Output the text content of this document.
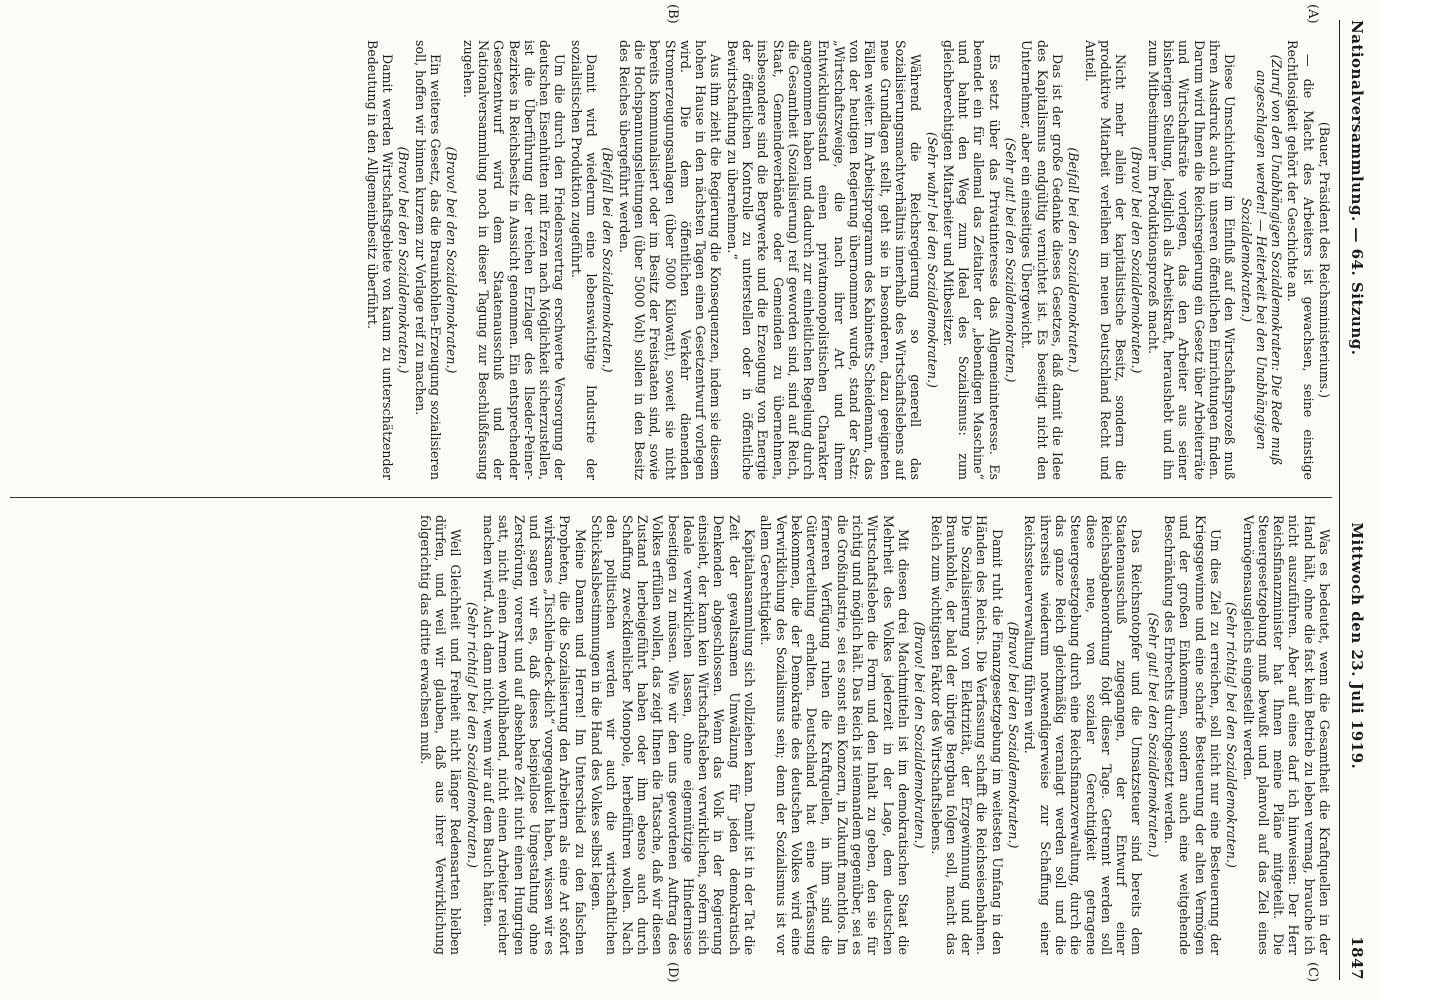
Nationalversammlung. — 64. Sitzung.
Mittwoch den 23. Juli 1919.
1847
(A)
(B)
(C)
(D)

(Bauer, Präsident des Reichsministeriums.)

— die Macht des Arbeiters ist gewachsen, seine einstige Rechtlosigkeit gehört der Geschichte an.

(Zuruf von den Unabhängigen Sozialdemokraten: Die Rede muß angeschlagen werden! — Heiterkeit bei den Unabhängigen Sozialdemokraten.)

Diese Umschichtung im Einfluß auf den Wirtschaftsprozeß muß ihren Ausdruck auch in unseren öffentlichen Einrichtungen finden. Darum wird Ihnen die Reichsregierung ein Gesetz über Arbeiterräte und Wirtschaftsräte vorlegen, das den Arbeiter aus seiner bisherigen Stellung, lediglich als Arbeitskraft, heraushebt und ihn zum Mitbestimmer im Produktionsprozeß macht.

(Bravo! bei den Sozialdemokraten.)

Nicht mehr allein der kapitalistische Besitz, sondern die produktive Mitarbeit verleihen im neuen Deutschland Recht und Anteil.

(Beifall bei den Sozialdemokraten.)

Das ist der große Gedanke dieses Gesetzes, daß damit die Idee des Kapitalismus endgültig vernichtet ist. Es beseitigt nicht den Unternehmer, aber ein einseitiges Übergewicht.

(Sehr gut! bei den Sozialdemokraten.)

Es setzt über das Privatinteresse das Allgemeininteresse. Es beendet ein für allemal das Zeitalter der „lebendigen Maschine“ und bahnt den Weg zum Ideal des Sozialismus: zum gleichberechtigten Mitarbeiter und Mitbesitzer.

(Sehr wahr! bei den Sozialdemokraten.)

Während die Reichsregierung so generell das Sozialisierungsmachtverhältnis innerhalb des Wirtschaftslebens auf neue Grundlagen stellt, geht sie in besonderen, dazu geeigneten Fällen weiter. Im Arbeitsprogramm des Kabinetts Scheidemann, das von der heutigen Regierung übernommen wurde, stand der Satz: „Wirtschaftszweige, die nach ihrer Art und ihrem Entwicklungsstand einen privatmonopolistischen Charakter angenommen haben und dadurch zur einheitlichen Regelung durch die Gesamtheit (Sozialisierung) reif geworden sind, sind auf Reich, Staat, Gemeindeverbände oder Gemeinden zu übernehmen, insbesondere sind die Bergwerke und die Erzeugung von Energie der öffentlichen Kontrolle zu unterstellen oder in öffentliche Bewirtschaftung zu übernehmen.“

Aus ihm zieht die Regierung die Konsequenzen, indem sie diesem hohen Hause in den nächsten Tagen einen Gesetzentwurf vorlegen wird. Die dem öffentlichen Verkehr dienenden Stromerzeugungsanlagen (über 5000 Kilowatt), soweit sie nicht bereits kommunalisiert oder im Besitz der Freistaaten sind, sowie die Hochspannungsleitungen (über 5000 Volt) sollen in den Besitz des Reiches übergeführt werden.

(Beifall bei den Sozialdemokraten.)

Damit wird wiederum eine lebenswichtige Industrie der sozialistischen Produktion zugeführt.

Um die durch den Friedensvertrag erschwerte Versorgung der deutschen Eisenhütten mit Erzen nach Möglichkeit sicherzustellen, ist die Überführung der reichen Erzlager des Ilseder-Peiner-Bezirkes in Reichsbesitz in Aussicht genommen. Ein entsprechender Gesetzentwurf wird dem Staatenausschuß und der Nationalversammlung noch in dieser Tagung zur Beschlußfassung zugehen.

(Bravo! bei den Sozialdemokraten.)

Ein weiteres Gesetz, das die Braunkohlen-Erzeugung sozialisieren soll, hoffen wir binnen kurzem zur Vorlage reif zu machen.

(Bravo! bei den Sozialdemokraten.)

Damit werden Wirtschaftsgebiete von kaum zu unterschätzender Bedeutung in den Allgemeinbesitz überführt.

Was es bedeutet, wenn die Gesamtheit die Kraftquellen in der Hand hält, ohne die fast kein Betrieb zu leben vermag, brauche ich nicht auszuführen. Aber auf eines darf ich hinweisen: Der Herr Reichsfinanzminister hat Ihnen meine Pläne mitgeteilt. Die Steuergesetzgebung muß bewußt und planvoll auf das Ziel eines Vermögensausgleichs eingestellt werden.

(Sehr richtig! bei den Sozialdemokraten.)

Um dies Ziel zu erreichen, soll nicht nur eine Besteuerung der Kriegsgewinne und eine scharfe Besteuerung der alten Vermögen und der großen Einkommen, sondern auch eine weitgehende Beschränkung des Erbrechts durchgesetzt werden.

(Sehr gut! bei den Sozialdemokraten.)

Das Reichsnotopfer und die Umsatzsteuer sind bereits dem Staatenausschuß zugegangen, der Entwurf einer Reichsabgabenordnung folgt dieser Tage. Getrennt werden soll diese neue, von sozialer Gerechtigkeit getragene Steuergesetzgebung durch eine Reichsfinanzverwaltung, durch die das ganze Reich gleichmäßig veranlagt werden soll und die ihrerseits wiederum notwendigerweise zur Schaffung einer Reichssteuerverwaltung führen wird.

(Bravo! bei den Sozialdemokraten.)

Damit ruht die Finanzgesetzgebung im weitesten Umfang in den Händen des Reichs. Die Verfassung schafft die Reichseisenbahnen. Die Sozialisierung von Elektrizität, der Erzgewinnung und der Braunkohle, der bald der übrige Bergbau folgen soll, macht das Reich zum wichtigsten Faktor des Wirtschaftslebens.

(Bravo! bei den Sozialdemokraten.)

Mit diesen drei Machtmitteln ist im demokratischen Staat die Mehrheit des Volkes jederzeit in der Lage, dem deutschen Wirtschaftsleben die Form und den Inhalt zu geben, den sie für richtig und möglich hält. Das Reich ist niemandem gegenüber, sei es die Großindustrie, sei es sonst ein Konzern, in Zukunft machtlos. Im ferneren Verfügung ruhen die Kraftquellen, in ihm sind die Güterverteilung erhalten. Deutschland hat eine Verfassung bekommen, die der Demokratie des deutschen Volkes wird eine Verwirklichung des Sozialismus sein; denn der Sozialismus ist vor allem Gerechtigkeit.

Kapitalansammlung sich vollziehen kann. Damit ist in der Tat die Zeit der gewaltsamen Umwälzung für jeden demokratisch Denkenden abgeschlossen. Wenn das Volk in der Regierung einsieht, der kann kein Wirtschaftsleben verwirklichen, sofern sich Ideale verwirklichen lassen, ohne eigennützige Hindernisse beseitigen zu müssen. Wie wir den uns gewordenen Auftrag des Volkes erfüllen wollen, das zeigt Ihnen die Tatsache, daß wir diesen Zustand herbeigeführt haben oder ihm ebenso auch durch Schaffung zweckdienlicher Monopole, herbeiführen wollen. Nach den politischen werden wir auch die wirtschaftlichen Schicksalsbestimmungen in die Hand des Volkes selbst legen.

Meine Damen und Herren! Im Unterschied zu den falschen Propheten, die die Sozialisierung den Arbeitern als eine Art sofort wirksames „Tischlein-deck-dich“ vorgegaukelt haben, wissen wir es und sagen wir es, daß dieses beispiellose Umgestaltung ohne Zerstörung, vorerst und auf absehbare Zeit nicht einen Hungrigen satt, nicht einen Armen wohlhabend, nicht einen Arbeiter reicher machen wird. Auch dann nicht, wenn wir auf dem Bauch hätten.

(Sehr richtig! bei den Sozialdemokraten.)

Weil Gleichheit und Freiheit nicht länger Redensarten bleiben dürfen, und weil wir glauben, daß aus ihrer Verwirklichung folgerichtig das dritte erwachsen muß.
